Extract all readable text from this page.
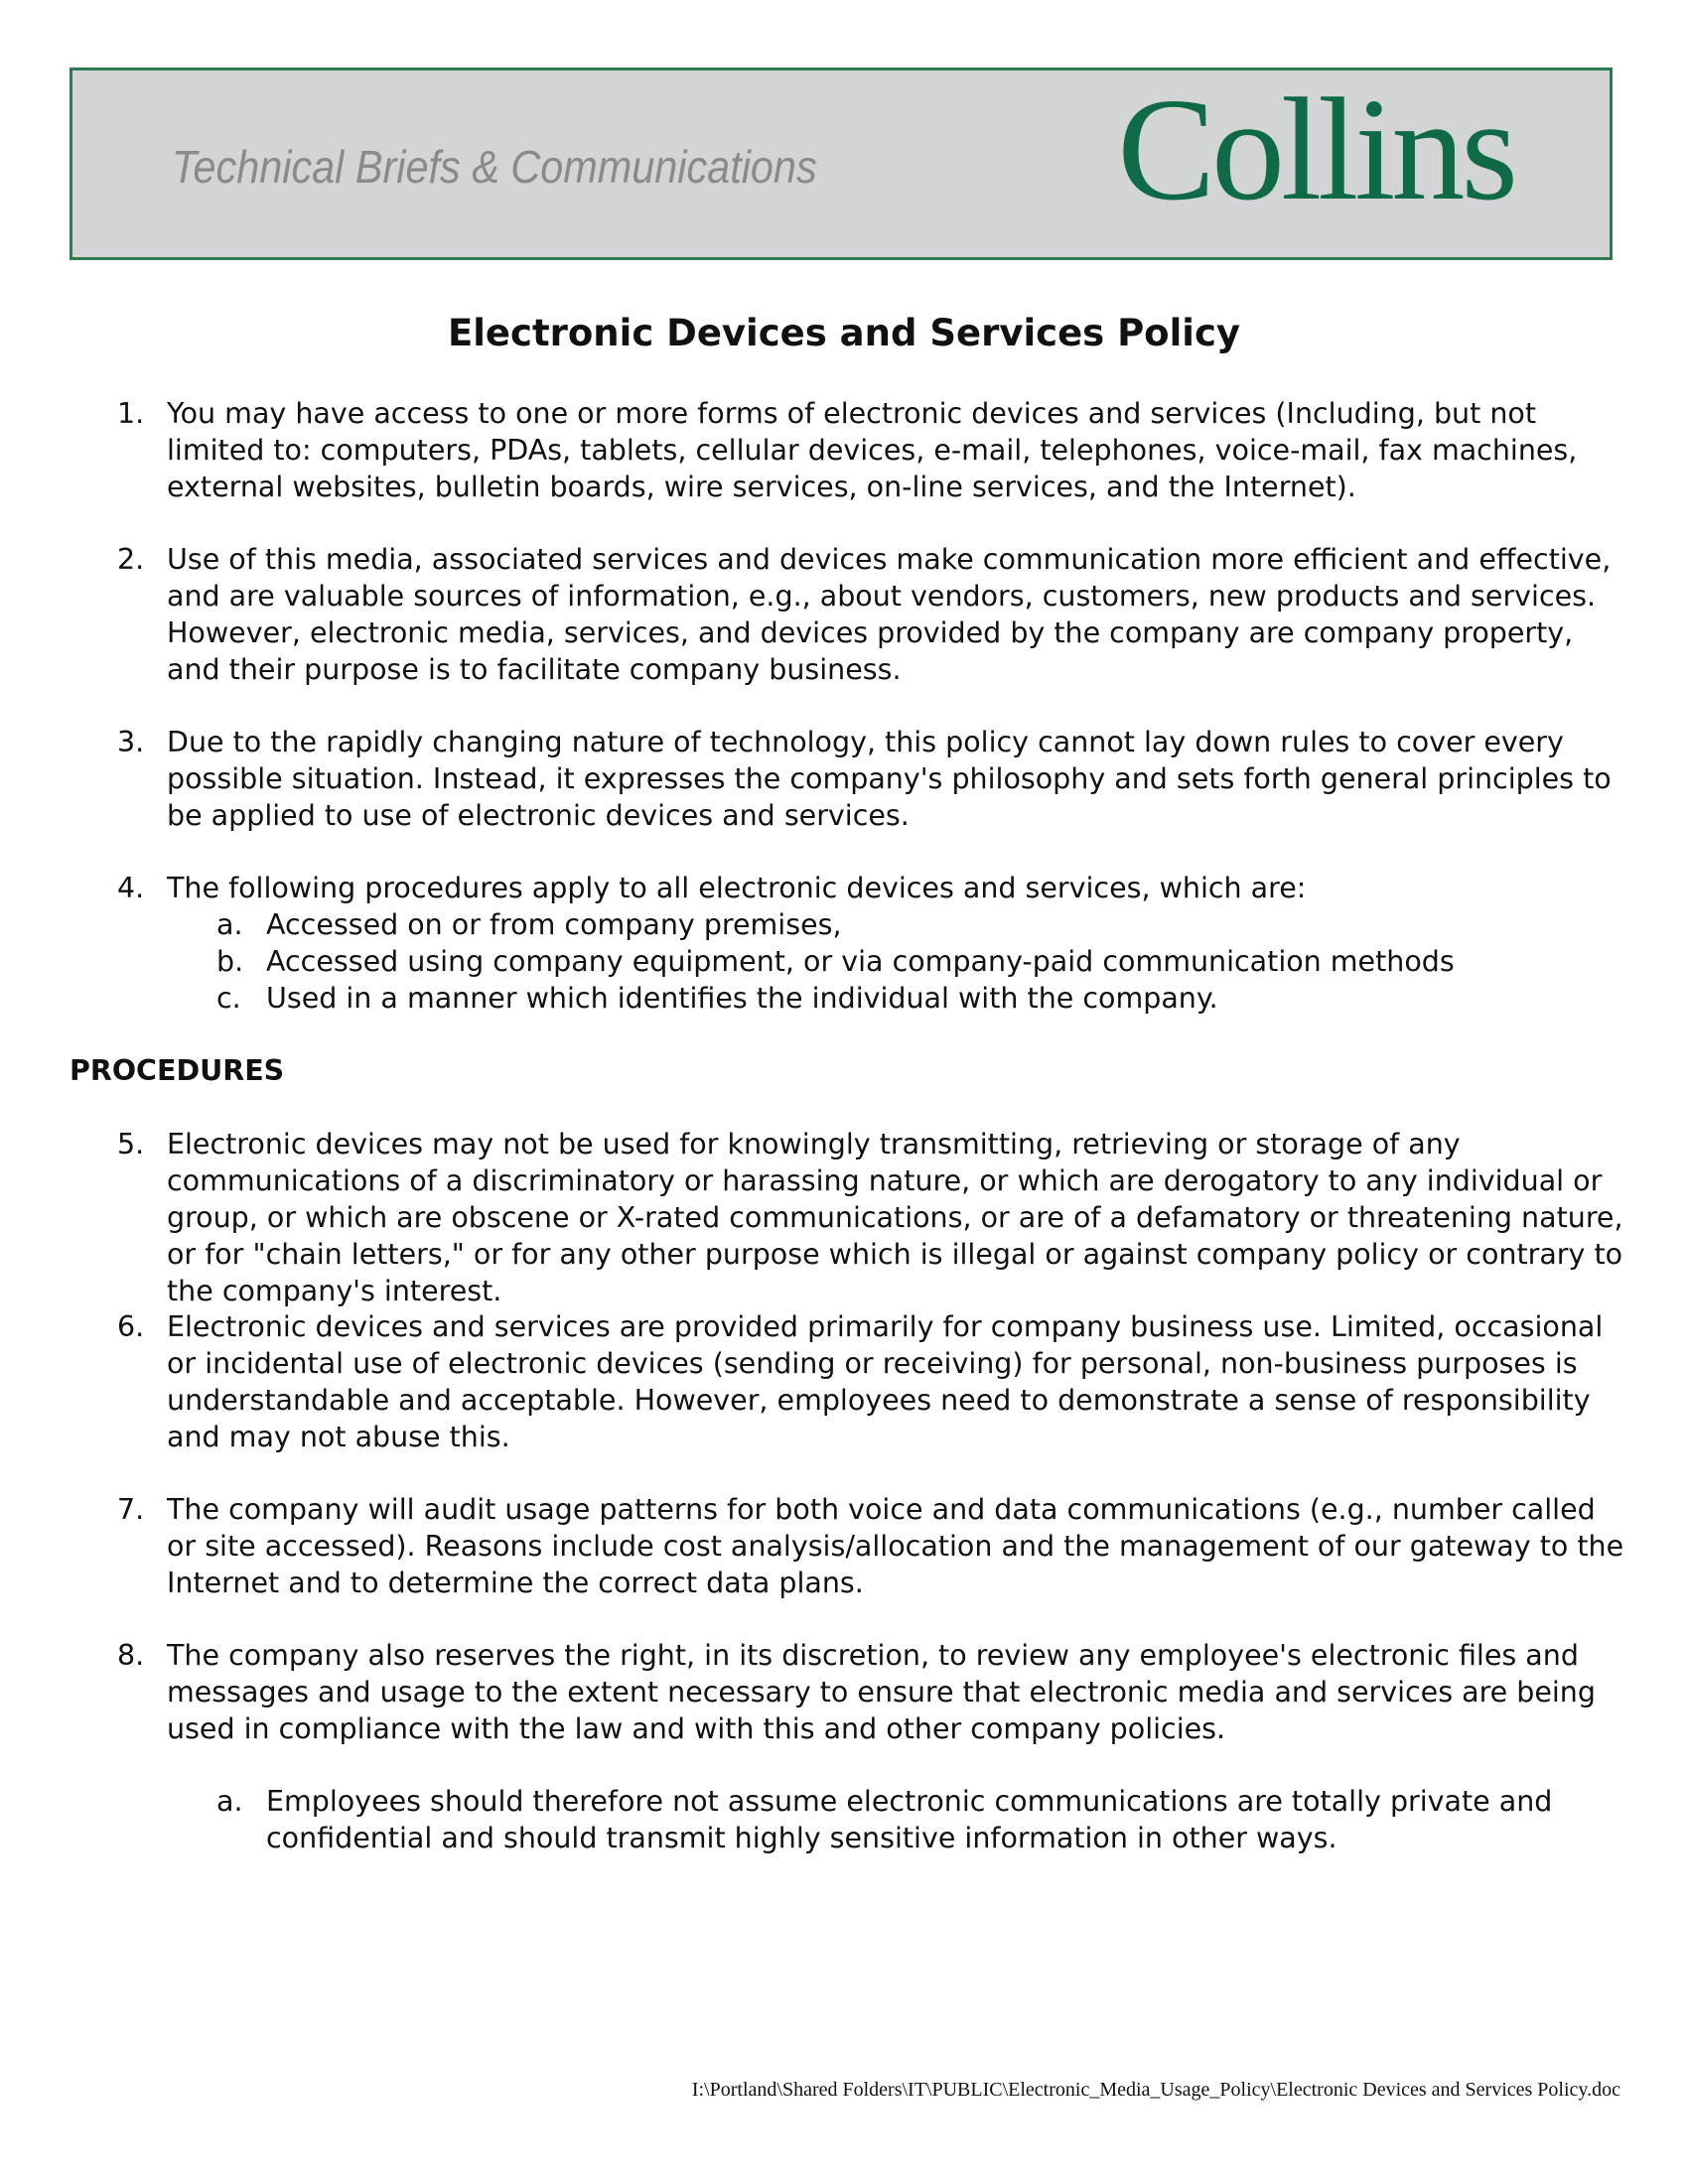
Technical Briefs & Communications Collins
Electronic Devices and Services Policy
1. You may have access to one or more forms of electronic devices and services (Including, but not limited to: computers, PDAs, tablets, cellular devices, e-mail, telephones, voice-mail, fax machines, external websites, bulletin boards, wire services, on-line services, and the Internet).
2. Use of this media, associated services and devices make communication more efficient and effective, and are valuable sources of information, e.g., about vendors, customers, new products and services. However, electronic media, services, and devices provided by the company are company property, and their purpose is to facilitate company business.
3. Due to the rapidly changing nature of technology, this policy cannot lay down rules to cover every possible situation. Instead, it expresses the company's philosophy and sets forth general principles to be applied to use of electronic devices and services.
4. The following procedures apply to all electronic devices and services, which are:
a. Accessed on or from company premises,
b. Accessed using company equipment, or via company-paid communication methods
c. Used in a manner which identifies the individual with the company.
PROCEDURES
5. Electronic devices may not be used for knowingly transmitting, retrieving or storage of any communications of a discriminatory or harassing nature, or which are derogatory to any individual or group, or which are obscene or X-rated communications, or are of a defamatory or threatening nature, or for "chain letters," or for any other purpose which is illegal or against company policy or contrary to the company's interest.
6. Electronic devices and services are provided primarily for company business use. Limited, occasional or incidental use of electronic devices (sending or receiving) for personal, non-business purposes is understandable and acceptable. However, employees need to demonstrate a sense of responsibility and may not abuse this.
7. The company will audit usage patterns for both voice and data communications (e.g., number called or site accessed). Reasons include cost analysis/allocation and the management of our gateway to the Internet and to determine the correct data plans.
8. The company also reserves the right, in its discretion, to review any employee's electronic files and messages and usage to the extent necessary to ensure that electronic media and services are being used in compliance with the law and with this and other company policies.
a. Employees should therefore not assume electronic communications are totally private and confidential and should transmit highly sensitive information in other ways.
I:\Portland\Shared Folders\IT\PUBLIC\Electronic_Media_Usage_Policy\Electronic Devices and Services Policy.doc
